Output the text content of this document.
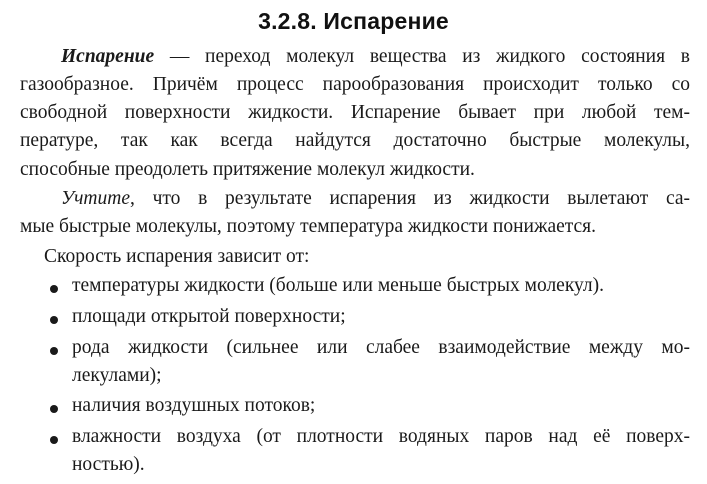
3.2.8. Испарение
Испарение — переход молекул вещества из жидкого состояния в
газообразное. Причём процесс парообразования происходит только со
свободной поверхности жидкости. Испарение бывает при любой тем-
пературе, так как всегда найдутся достаточно быстрые молекулы,
способные преодолеть притяжение молекул жидкости.
Учтите, что в результате испарения из жидкости вылетают са-
мые быстрые молекулы, поэтому температура жидкости понижается.
Скорость испарения зависит от:
температуры жидкости (больше или меньше быстрых молекул).
площади открытой поверхности;
рода жидкости (сильнее или слабее взаимодействие между мо-
лекулами);
наличия воздушных потоков;
влажности воздуха (от плотности водяных паров над её поверх-
ностью).
